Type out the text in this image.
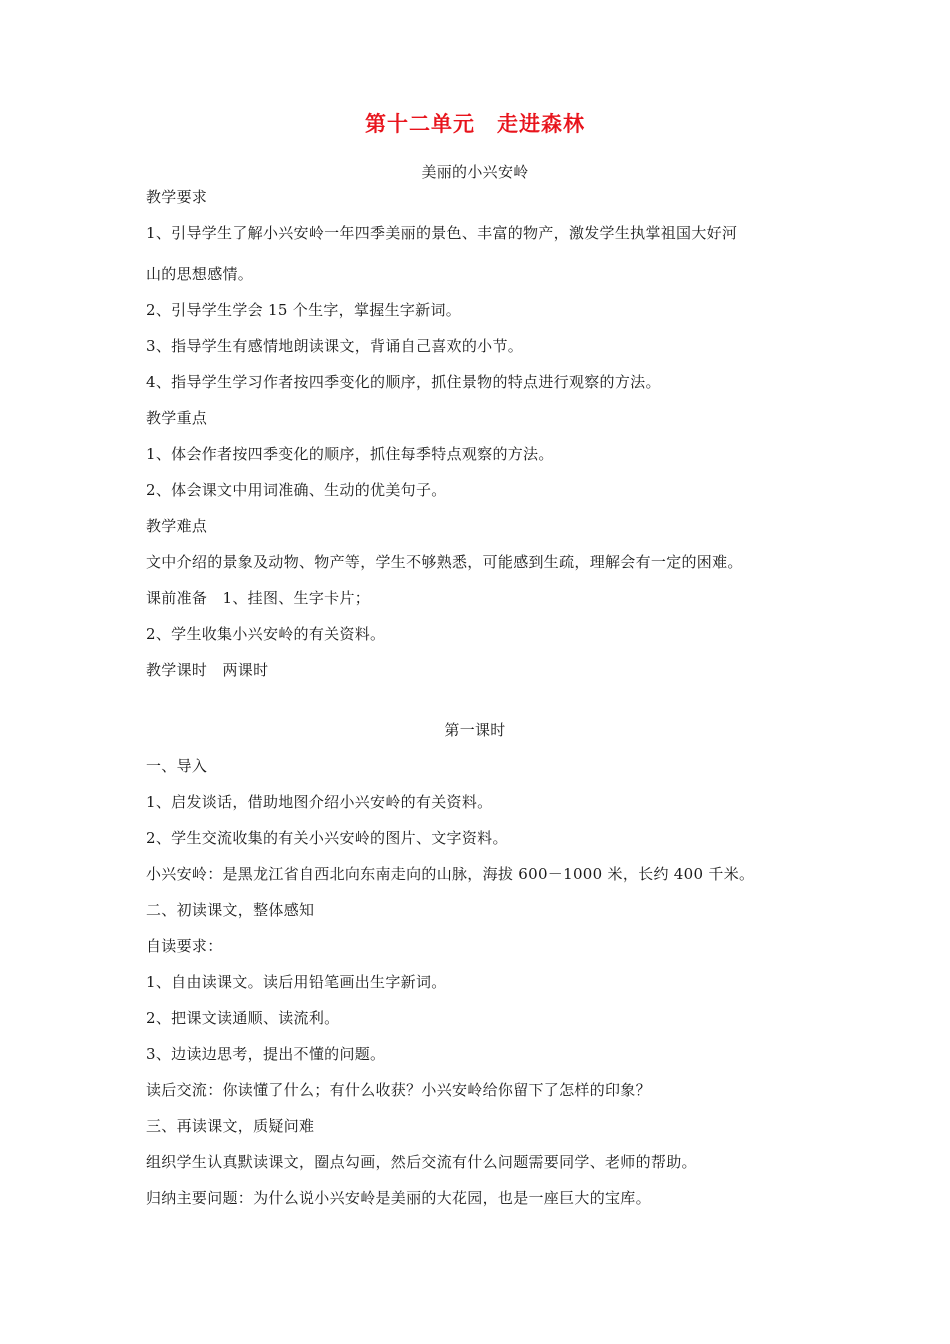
第十二单元　走进森林
美丽的小兴安岭
教学要求
1、引导学生了解小兴安岭一年四季美丽的景色、丰富的物产，激发学生执掌祖国大好河
山的思想感情。
2、引导学生学会 15 个生字，掌握生字新词。
3、指导学生有感情地朗读课文，背诵自己喜欢的小节。
4、指导学生学习作者按四季变化的顺序，抓住景物的特点进行观察的方法。
教学重点
1、体会作者按四季变化的顺序，抓住每季特点观察的方法。
2、体会课文中用词准确、生动的优美句子。
教学难点
文中介绍的景象及动物、物产等，学生不够熟悉，可能感到生疏，理解会有一定的困难。
课前准备　1、挂图、生字卡片；
2、学生收集小兴安岭的有关资料。
教学课时　两课时
第一课时
一、导入
1、启发谈话，借助地图介绍小兴安岭的有关资料。
2、学生交流收集的有关小兴安岭的图片、文字资料。
小兴安岭：是黑龙江省自西北向东南走向的山脉，海拔 600－1000 米，长约 400 千米。
二、初读课文，整体感知
自读要求：
1、自由读课文。读后用铅笔画出生字新词。
2、把课文读通顺、读流利。
3、边读边思考，提出不懂的问题。
读后交流：你读懂了什么；有什么收获？小兴安岭给你留下了怎样的印象？
三、再读课文，质疑问难
组织学生认真默读课文，圈点勾画，然后交流有什么问题需要同学、老师的帮助。
归纳主要问题：为什么说小兴安岭是美丽的大花园，也是一座巨大的宝库。
